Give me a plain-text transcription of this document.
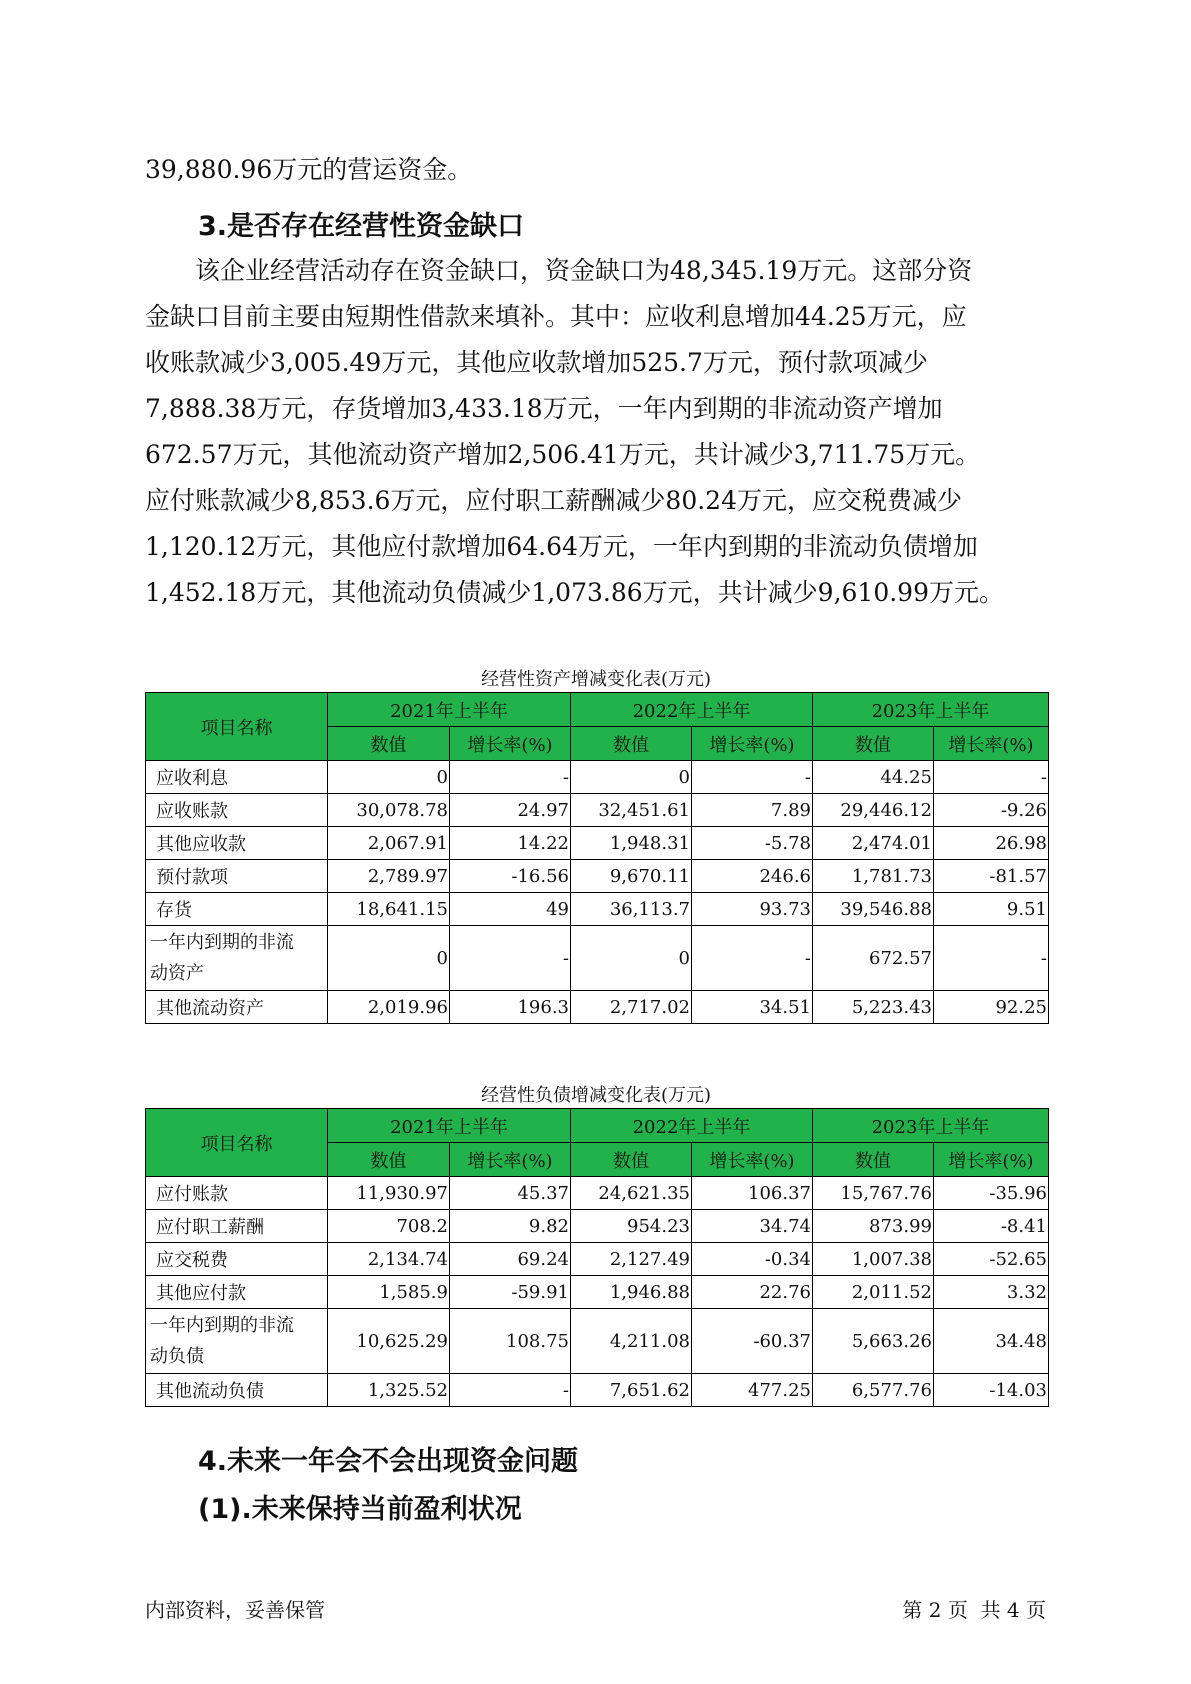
39,880.96万元的营运资金。

3.是否存在经营性资金缺口

该企业经营活动存在资金缺口，资金缺口为48,345.19万元。这部分资
金缺口目前主要由短期性借款来填补。其中：应收利息增加44.25万元，应
收账款减少3,005.49万元，其他应收款增加525.7万元，预付款项减少
7,888.38万元，存货增加3,433.18万元，一年内到期的非流动资产增加
672.57万元，其他流动资产增加2,506.41万元，共计减少3,711.75万元。
应付账款减少8,853.6万元，应付职工薪酬减少80.24万元，应交税费减少
1,120.12万元，其他应付款增加64.64万元，一年内到期的非流动负债增加
1,452.18万元，其他流动负债减少1,073.86万元，共计减少9,610.99万元。

经营性资产增减变化表(万元)
项目名称	2021年上半年		2022年上半年		2023年上半年	
	数值	增长率(%)	数值	增长率(%)	数值	增长率(%)
应收利息	0	-	0	-	44.25	-
应收账款	30,078.78	24.97	32,451.61	7.89	29,446.12	-9.26
其他应收款	2,067.91	14.22	1,948.31	-5.78	2,474.01	26.98
预付款项	2,789.97	-16.56	9,670.11	246.6	1,781.73	-81.57
存货	18,641.15	49	36,113.7	93.73	39,546.88	9.51
一年内到期的非流
动资产	0	-	0	-	672.57	-
其他流动资产	2,019.96	196.3	2,717.02	34.51	5,223.43	92.25
经营性负债增减变化表(万元)
项目名称	2021年上半年		2022年上半年		2023年上半年	
	数值	增长率(%)	数值	增长率(%)	数值	增长率(%)
应付账款	11,930.97	45.37	24,621.35	106.37	15,767.76	-35.96
应付职工薪酬	708.2	9.82	954.23	34.74	873.99	-8.41
应交税费	2,134.74	69.24	2,127.49	-0.34	1,007.38	-52.65
其他应付款	1,585.9	-59.91	1,946.88	22.76	2,011.52	3.32
一年内到期的非流
动负债	10,625.29	108.75	4,211.08	-60.37	5,663.26	34.48
其他流动负债	1,325.52	-	7,651.62	477.25	6,577.76	-14.03
4.未来一年会不会出现资金问题
(1).未来保持当前盈利状况
内部资料，妥善保管	第 2 页  共 4 页
